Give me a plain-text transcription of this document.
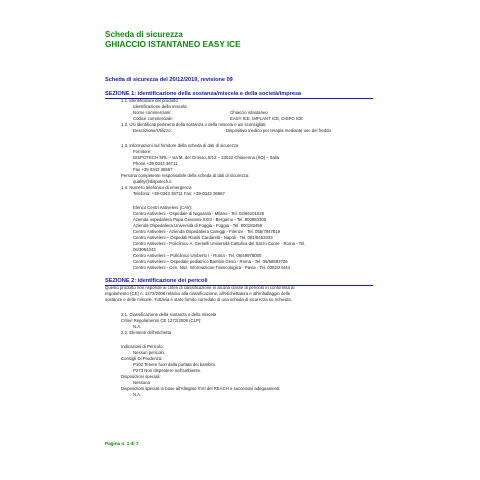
Scheda di sicurezza
GHIACCIO ISTANTANEO EASY ICE
Scheda di sicurezza del 20/12/2019, revisione 09
SEZIONE 1: identificazione della sostanza/miscela e della società/impresa
1.1. Identificatore del prodotto
Identificazione della miscela:
Nome commerciale:	Ghiaccio istantaneo
Codice commerciale:	EASY ICE, IMPLANT ICE, DISPO ICE
1.2. Usi identificati pertinenti della sostanza o della miscela e usi sconsigliati
Descrizione/Utilizzo:	Dispositivo medico per terapia mediante uso del freddo
1.3. Informazioni sul fornitore della scheda di dati di sicurezza
Fornitore:
DISPOTECH SRL – via M. del Grosso, 8/12 – 23022 Chiavenna (SO) – Italia
Phone +39 0343 36711
Fax +39 0343 36567
Persona competente responsabile della scheda di dati di sicurezza:
quality@dispotech.it
1.4. Numero telefonico di emergenza
Telefono: +39-0343 36711 Fax: +39-0343 36567
Elenco Centri Antiveleni (CAV):
Centro Antiveleni - Ospedale di Niguarda - Milano - Tel. 02/66101029
Azienda ospedaliera Papa Giovanni XXIII - Bergamo - Tel. 800883300
Azienda Ospedaliera Università di Foggia - Foggia - Tel. 800183459
Centro Antiveleni - Azienda Ospedaliera Careggi - Firenze - Tel. 055/7947819
Centro Antiveleni – Ospedali Riuniti Cardarelli - Napoli - Tel. 081/5453333
Centro Antiveleni - Policlinico A. Gemelli Università Cattolica del Sacro Cuore - Roma - Tel.
06/3054343
Centro Antiveleni – Policlinico Umberto I - Roma - Tel. 06/49978000
Centro Antiveleni – Ospedale pediatrico Bambin Gesù - Roma - Tel. 06/68593726
Centro Antiveleni - Cen. Naz. Informazione Tossicologica - Pavia - Tel. 0382/24444
SEZIONE 2: identificazione dei pericoli
Questo prodotto non risponde ai criteri di classificazione in alcuna classe di pericolo in conformità al
regolamento (CE) n. 1272/2008 relativo alla classificazione, all'etichettatura e all'imballaggio delle
sostanze e delle miscele. Tuttavia è stato fornito corredato di una scheda di sicurezza su richiesta.
2.1. Classificazione della sostanza o della miscela
Criteri Regolamento CE 1272/2008 (CLP):
N.A.
2.2. Elementi dell'etichetta
Indicazioni di Pericolo:
Nessun pericolo.
Consigli Di Prudenza:
P102 Tenere fuori dalla portata dei bambini.
P273 Non disperdere nell'ambiente.
Disposizioni speciali:
Nessuna
Disposizioni speciali in base all'Allegato XVII del REACH e successivi adeguamenti:
N.A.
Pagina n. 1 di 7
